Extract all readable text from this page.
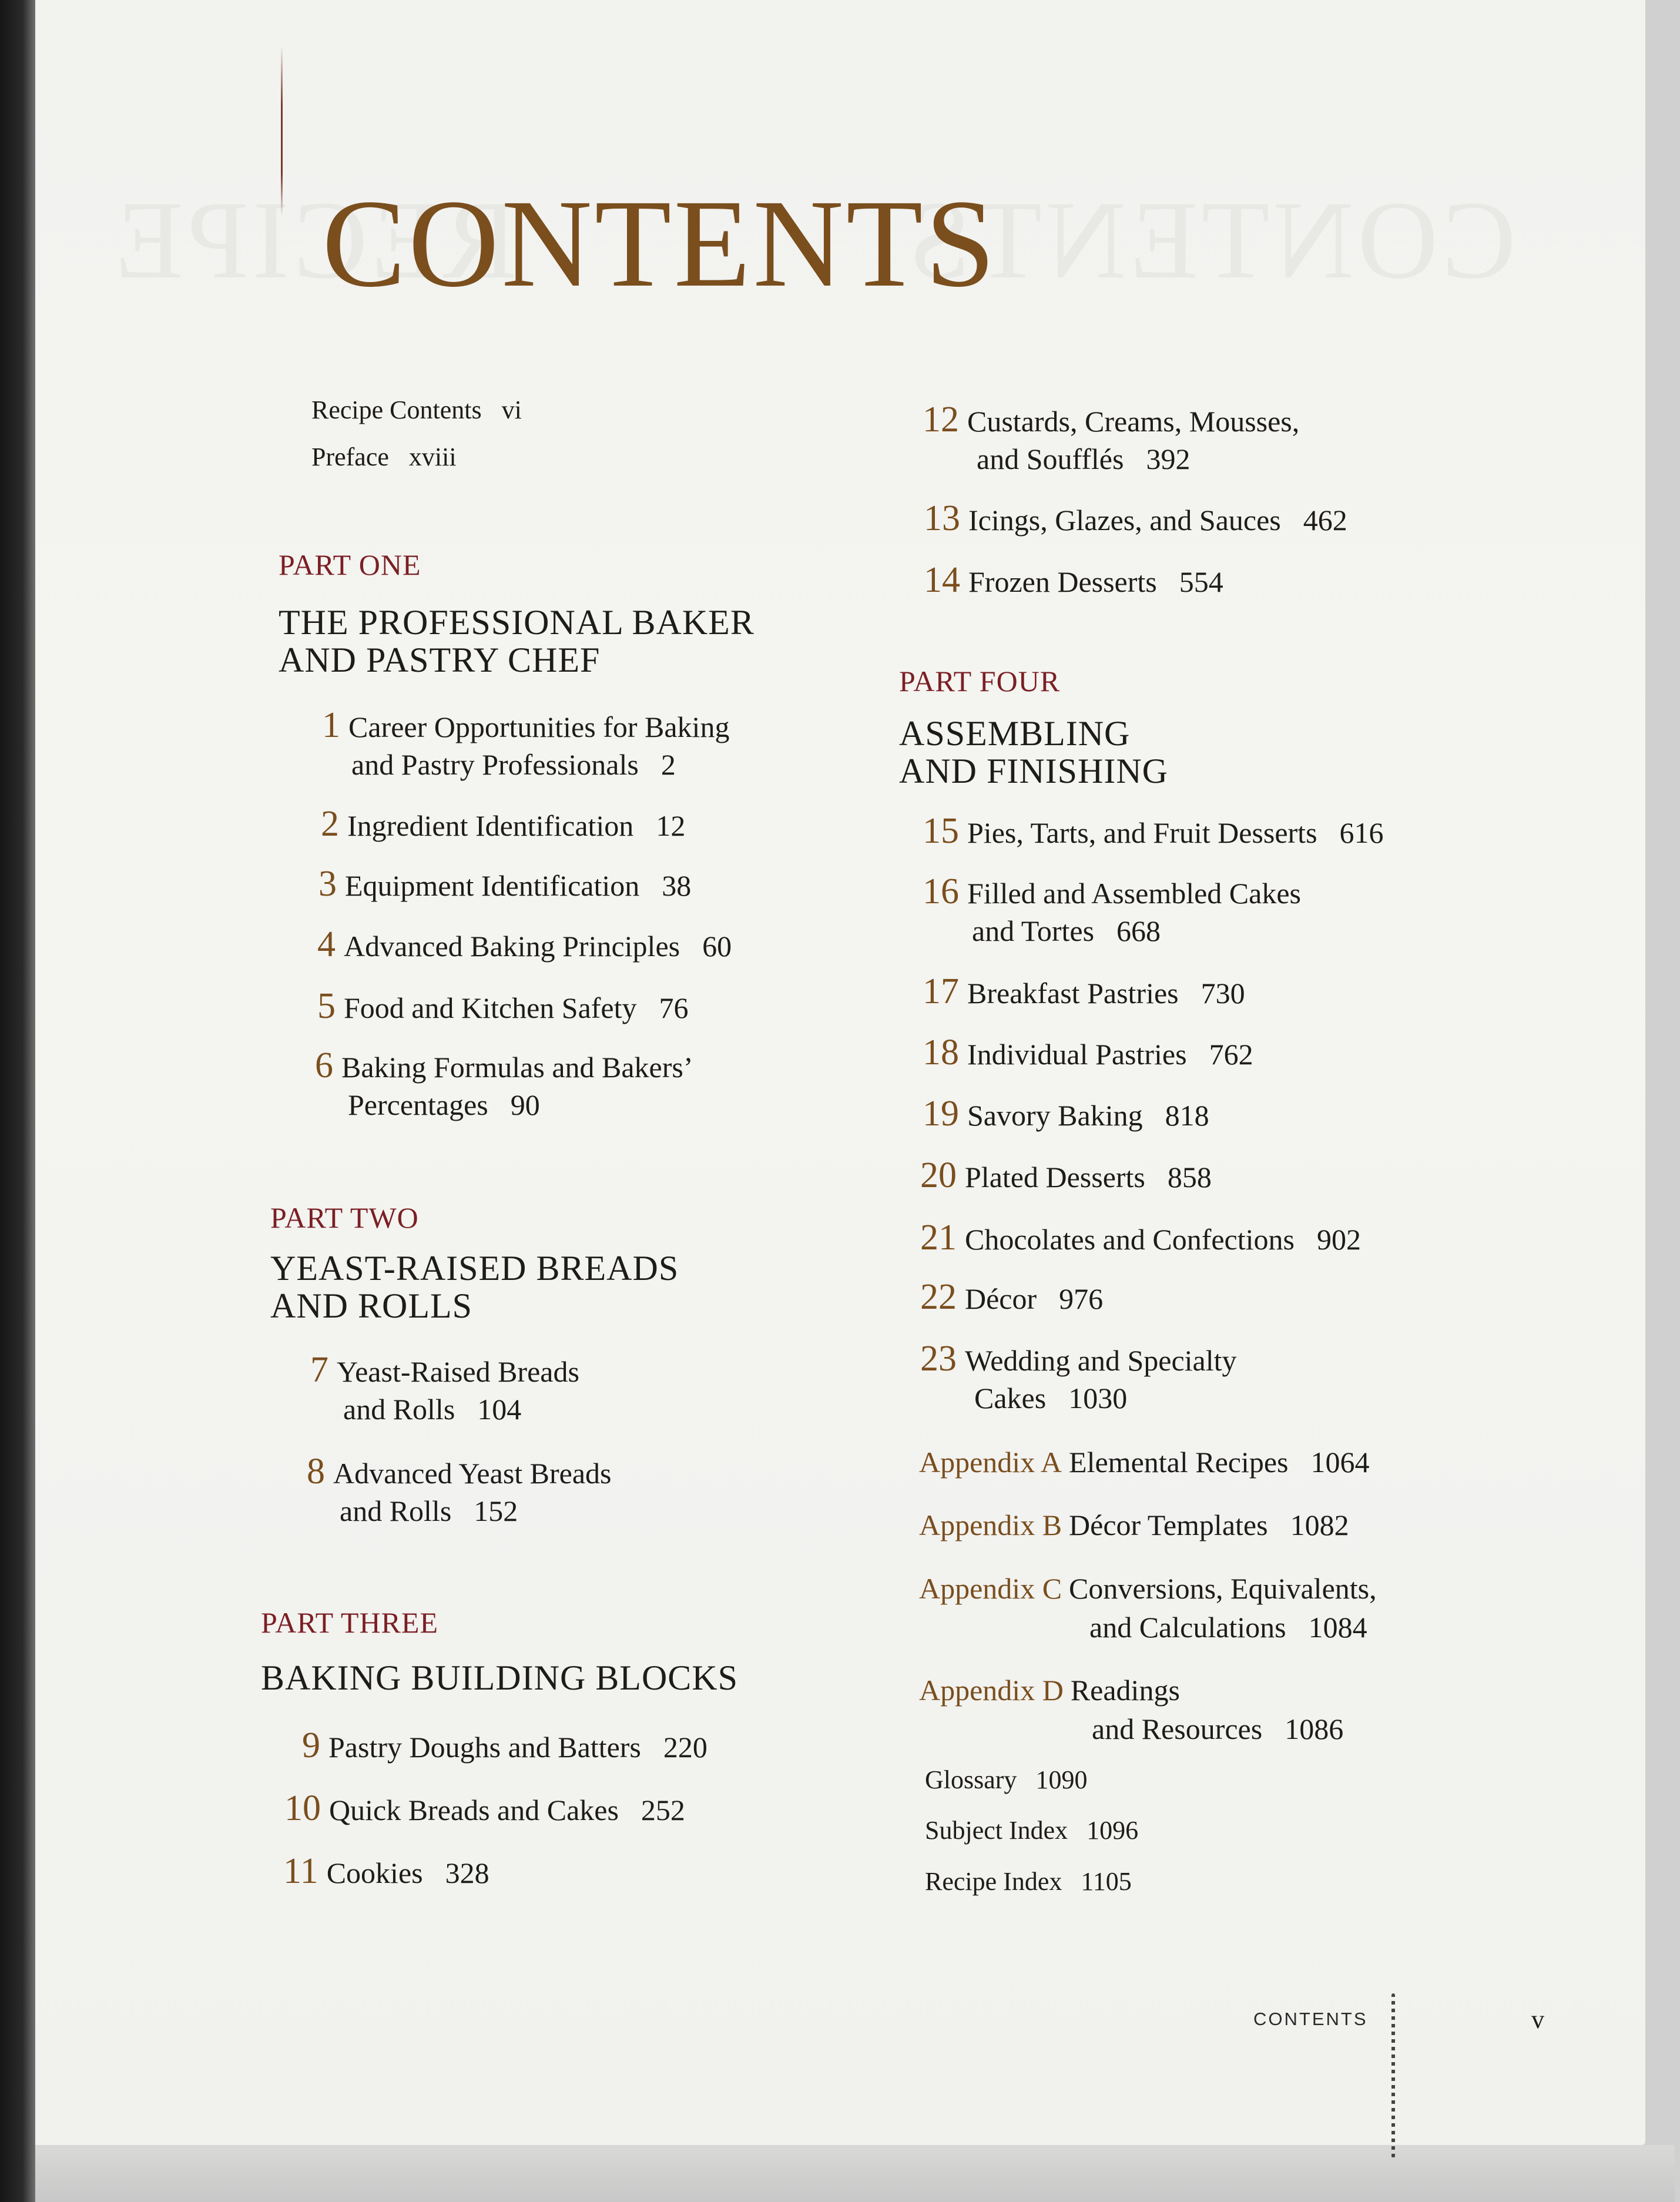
CONTENTS
Recipe Contents vi
Preface xviii
PART ONE
THE PROFESSIONAL BAKER
AND PASTRY CHEF
1 Career Opportunities for Baking
and Pastry Professionals 2
2 Ingredient Identification 12
3 Equipment Identification 38
4 Advanced Baking Principles 60
5 Food and Kitchen Safety 76
6 Baking Formulas and Bakers’
Percentages 90
PART TWO
YEAST-RAISED BREADS
AND ROLLS
7 Yeast-Raised Breads
and Rolls 104
8 Advanced Yeast Breads
and Rolls 152
PART THREE
BAKING BUILDING BLOCKS
9 Pastry Doughs and Batters 220
10 Quick Breads and Cakes 252
11 Cookies 328
12 Custards, Creams, Mousses,
and Soufflés 392
13 Icings, Glazes, and Sauces 462
14 Frozen Desserts 554
PART FOUR
ASSEMBLING
AND FINISHING
15 Pies, Tarts, and Fruit Desserts 616
16 Filled and Assembled Cakes
and Tortes 668
17 Breakfast Pastries 730
18 Individual Pastries 762
19 Savory Baking 818
20 Plated Desserts 858
21 Chocolates and Confections 902
22 Décor 976
23 Wedding and Specialty
Cakes 1030
Appendix A Elemental Recipes 1064
Appendix B Décor Templates 1082
Appendix C Conversions, Equivalents,
and Calculations 1084
Appendix D Readings
and Resources 1086
Glossary 1090
Subject Index 1096
Recipe Index 1105
CONTENTS	v
